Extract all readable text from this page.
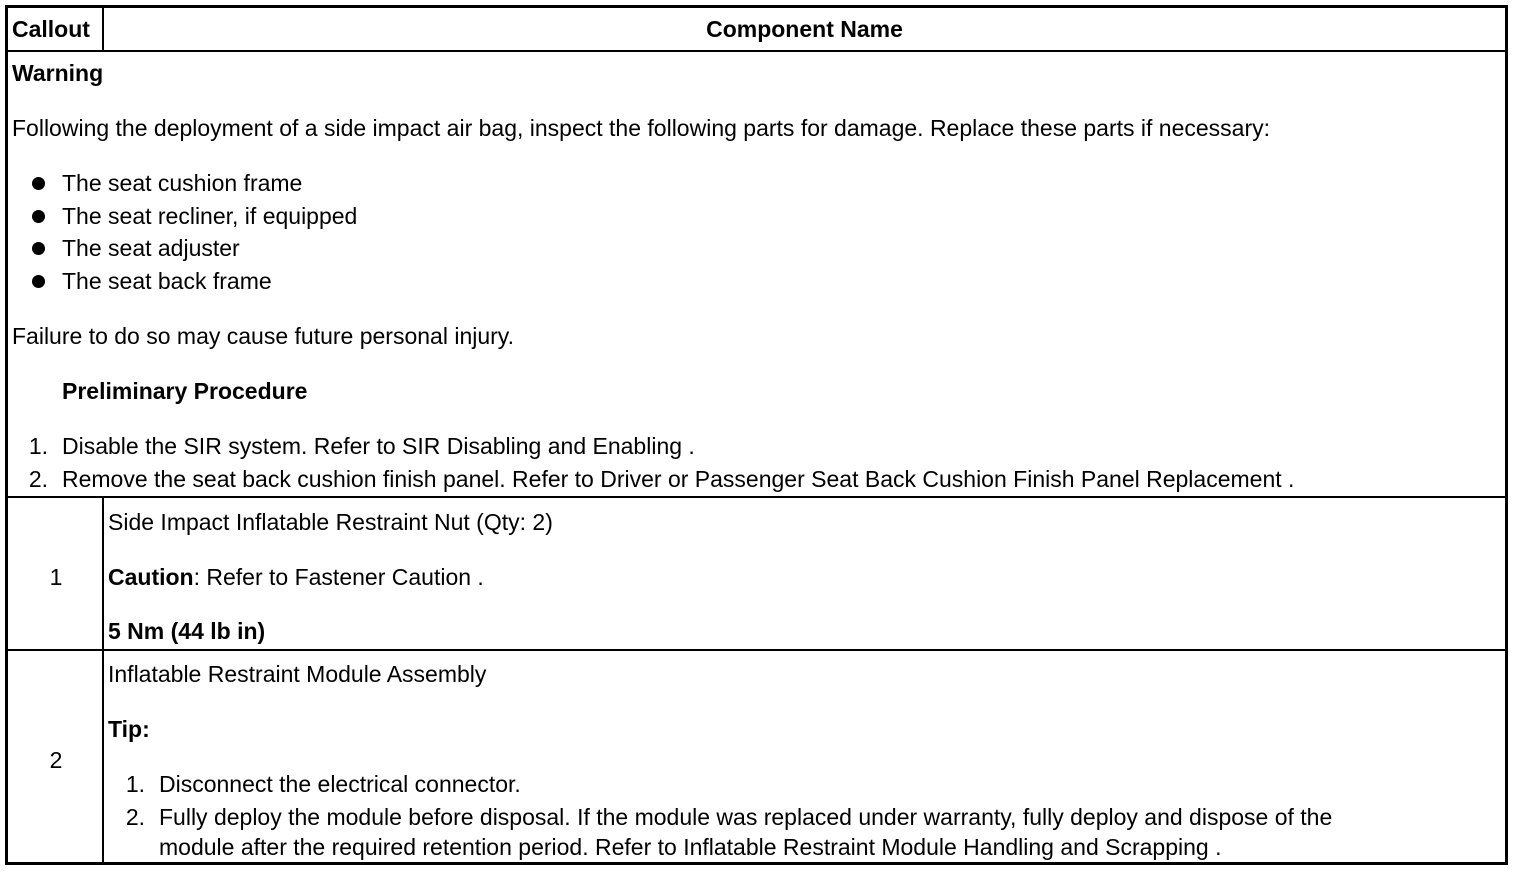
Callout	Component Name
Warning
Following the deployment of a side impact air bag, inspect the following parts for damage. Replace these parts if necessary:
The seat cushion frame
The seat recliner, if equipped
The seat adjuster
The seat back frame
Failure to do so may cause future personal injury.
Preliminary Procedure
1. Disable the SIR system. Refer to SIR Disabling and Enabling .
2. Remove the seat back cushion finish panel. Refer to Driver or Passenger Seat Back Cushion Finish Panel Replacement .
1
Side Impact Inflatable Restraint Nut (Qty: 2)
Caution: Refer to Fastener Caution .
5 Nm (44 lb in)
2
Inflatable Restraint Module Assembly
Tip:
1. Disconnect the electrical connector.
2. Fully deploy the module before disposal. If the module was replaced under warranty, fully deploy and dispose of the
module after the required retention period. Refer to Inflatable Restraint Module Handling and Scrapping .
